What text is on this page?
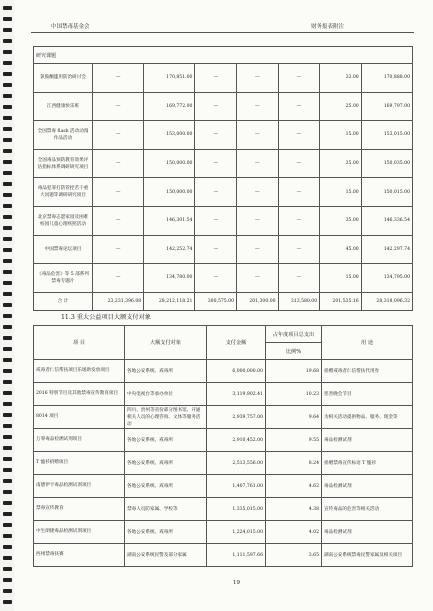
中国禁毒基金会	财务报表附注
研究课题							
氯胺酮滥用防治研讨会	—	170,851.00	—	—	—	33.00	170,888.00
江西健康快乐班	—	169,772.00	—	—	—	25.00	169,797.00
全国禁毒 flash 活动动漫作品活动	—	153,000.00	—	—	—	15.00	153,015.00
全国毒品预防教育效果评估指标体系调研研究项目	—	150,000.00	—	—	—	35.00	150,035.00
毒品犯罪打防管控若干重大问题等调研研究项目	—	150,000.00	—	—	—	15.00	150,015.00
北京禁毒志愿家园及困难校园儿童心理疾照活动	—	146,301.54	—	—	—	35.00	146,336.54
中国禁毒论坛项目	—	142,252.74	—	—	—	45.00	142,297.74
《毒品危害》等 5 部系列禁毒专题片	—	134,780.00	—	—	—	15.00	134,795.00
合 计	23,231,396.08	28,212,118.21	300,575.00	201,300.00	313,580.00	201,535.16	28,318,096.32
11.3 重大公益项目大额支付对象
项 目	大额支付对象	支付金额	占年度项目总支出	用 途
			比例%	
戒毒者仁信帮扶项目乐缓助发放项目	各地公安系统、戒毒所	6,000,000.00	19.68	捐赠戒毒者仁信帮扶代用券
2016 特别节目及其他禁毒宣传教育项目	中央电视台等承办单位	3,119,902.41	10.23	慈善晚会节目
8014 项目	四川、贵州等省份部分图书馆、开通相关人员的心理咨询、文体等服务活动	2,939,757.00	9.64	为相关活动提供物品、服务、现金等
万零毒品检测试剂项目	各地公安系统、戒毒所	2,910,452.00	9.55	毒品检测试剂
T 恤衫捐赠项目	各地公安系统、戒毒所	2,513,556.00	8.24	捐赠禁毒宣传标语 T 恤衫
南德伊卡毒品检测试剂项目	各地公安系统、戒毒所	1,407,761.00	4.62	毒品检测试剂
禁毒宣传教育	禁毒人员防家属、学校等	1,335,015.00	4.38	宣传毒品的危害等相关活动
中生朗捷毒品检测试剂项目	各地公安系统、戒毒所	1,224,015.00	4.02	毒品检测试剂
西州禁毒扶赛	湖南公安系统民警及部分家属	1,111,597.66	3.65	湖南公安系统禁毒民警家属及相关项目
19
